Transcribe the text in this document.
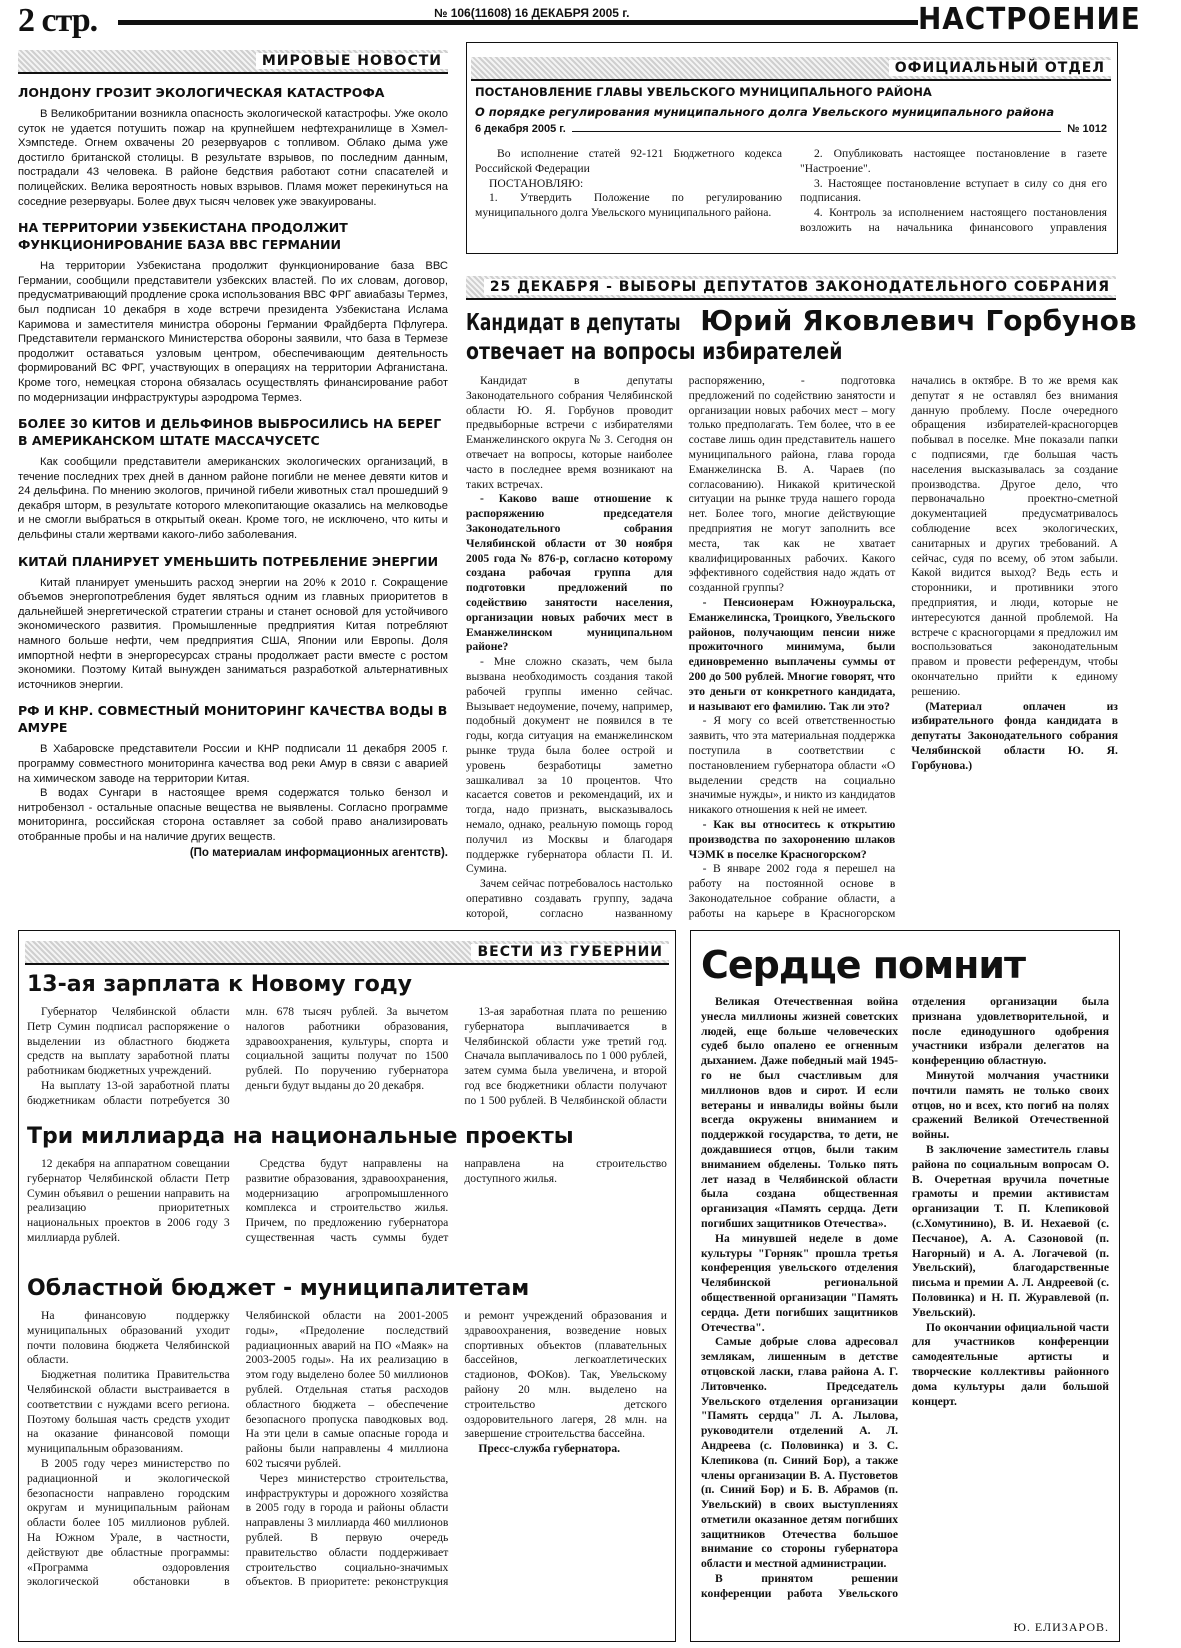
2 стр.	№ 106(11608) 16 ДЕКАБРЯ 2005 г.	НАСТРОЕНИЕ
МИРОВЫЕ НОВОСТИ
ЛОНДОНУ ГРОЗИТ ЭКОЛОГИЧЕСКАЯ КАТАСТРОФА

В Великобритании возникла опасность экологической катастрофы. Уже около суток не удается потушить пожар на крупнейшем нефтехранилище в Хэмел-Хэмпстеде. Огнем охвачены 20 резервуаров с топливом. Облако дыма уже достигло британской столицы. В результате взрывов, по последним данным, пострадали 43 человека. В районе бедствия работают сотни спасателей и полицейских. Велика вероятность новых взрывов. Пламя может перекинуться на соседние резервуары. Более двух тысяч человек уже эвакуированы.

НА ТЕРРИТОРИИ УЗБЕКИСТАНА ПРОДОЛЖИТ ФУНКЦИОНИРОВАНИЕ БАЗА ВВС ГЕРМАНИИ

На территории Узбекистана продолжит функционирование база ВВС Германии, сообщили представители узбекских властей. По их словам, договор, предусматривающий продление срока использования ВВС ФРГ авиабазы Термез, был подписан 10 декабря в ходе встречи президента Узбекистана Ислама Каримова и заместителя министра обороны Германии Фрайдберта Пфлугера. Представители германского Министерства обороны заявили, что база в Термезе продолжит оставаться узловым центром, обеспечивающим деятельность формирований ВС ФРГ, участвующих в операциях на территории Афганистана. Кроме того, немецкая сторона обязалась осуществлять финансирование работ по модернизации инфраструктуры аэродрома Термез.

БОЛЕЕ 30 КИТОВ И ДЕЛЬФИНОВ ВЫБРОСИЛИСЬ НА БЕРЕГ В АМЕРИКАНСКОМ ШТАТЕ МАССАЧУСЕТС

Как сообщили представители американских экологических организаций, в течение последних трех дней в данном районе погибли не менее девяти китов и 24 дельфина. По мнению экологов, причиной гибели животных стал прошедший 9 декабря шторм, в результате которого млекопитающие оказались на мелководье и не смогли выбраться в открытый океан. Кроме того, не исключено, что киты и дельфины стали жертвами какого-либо заболевания.

КИТАЙ ПЛАНИРУЕТ УМЕНЬШИТЬ ПОТРЕБЛЕНИЕ ЭНЕРГИИ

Китай планирует уменьшить расход энергии на 20% к 2010 г. Сокращение объемов энергопотребления будет являться одним из главных приоритетов в дальнейшей энергетической стратегии страны и станет основой для устойчивого экономического развития. Промышленные предприятия Китая потребляют намного больше нефти, чем предприятия США, Японии или Европы. Доля импортной нефти в энергоресурсах страны продолжает расти вместе с ростом экономики. Поэтому Китай вынужден заниматься разработкой альтернативных источников энергии.

РФ И КНР. СОВМЕСТНЫЙ МОНИТОРИНГ КАЧЕСТВА ВОДЫ В АМУРЕ

В Хабаровске представители России и КНР подписали 11 декабря 2005 г. программу совместного мониторинга качества вод реки Амур в связи с аварией на химическом заводе на территории Китая.

В водах Сунгари в настоящее время содержатся только бензол и нитробензол - остальные опасные вещества не выявлены. Согласно программе мониторинга, российская сторона оставляет за собой право анализировать отобранные пробы и на наличие других веществ.

(По материалам информационных агентств).
ОФИЦИАЛЬНЫЙ ОТДЕЛ
ПОСТАНОВЛЕНИЕ ГЛАВЫ УВЕЛЬСКОГО МУНИЦИПАЛЬНОГО РАЙОНА
О порядке регулирования муниципального долга Увельского муниципального района
6 декабря 2005 г.	№ 1012

Во исполнение статей 92-121 Бюджетного кодекса Российской Федерации

ПОСТАНОВЛЯЮ:

1. Утвердить Положение по регулированию муниципального долга Увельского муниципального района.

2. Опубликовать настоящее постановление в газете "Настроение".

3. Настоящее постановление вступает в силу со дня его подписания.

4. Контроль за исполнением настоящего постановления возложить на начальника финансового управления

25 ДЕКАБРЯ - ВЫБОРЫ ДЕПУТАТОВ ЗАКОНОДАТЕЛЬНОГО СОБРАНИЯ
Кандидат в депутаты Юрий Яковлевич Горбунов
отвечает на вопросы избирателей

Кандидат в депутаты Законодательного собрания Челябинской области Ю. Я. Горбунов проводит предвыборные встречи с избирателями Еманжелинского округа № 3. Сегодня он отвечает на вопросы, которые наиболее часто в последнее время возникают на таких встречах.

- Каково ваше отношение к распоряжению председателя Законодательного собрания Челябинской области от 30 ноября 2005 года № 876-р, согласно которому создана рабочая группа для подготовки предложений по содействию занятости населения, организации новых рабочих мест в Еманжелинском муниципальном районе?

- Мне сложно сказать, чем была вызвана необходимость создания такой рабочей группы именно сейчас. Вызывает недоумение, почему, например, подобный документ не появился в те годы, когда ситуация на еманжелинском рынке труда была более острой и уровень безработицы заметно зашкаливал за 10 процентов. Что касается советов и рекомендаций, их и тогда, надо признать, высказывалось немало, однако, реальную помощь город получил из Москвы и благодаря поддержке губернатора области П. И. Сумина.

Зачем сейчас потребовалось настолько оперативно создавать группу, задача которой, согласно названному распоряжению, - подготовка предложений по содействию занятости и организации новых рабочих мест – могу только предполагать. Тем более, что в ее составе лишь один представитель нашего муниципального района, глава города Еманжелинска В. А. Чараев (по согласованию). Никакой критической ситуации на рынке труда нашего города нет. Более того, многие действующие предприятия не могут заполнить все места, так как не хватает квалифицированных рабочих. Какого эффективного содействия надо ждать от созданной группы?

- Пенсионерам Южноуральска, Еманжелинска, Троицкого, Увельского районов, получающим пенсии ниже прожиточного минимума, были единовременно выплачены суммы от 200 до 500 рублей. Многие говорят, что это деньги от конкретного кандидата, и называют его фамилию. Так ли это?

- Я могу со всей ответственностью заявить, что эта материальная поддержка поступила в соответствии с постановлением губернатора области «О выделении средств на социально значимые нужды», и никто из кандидатов никакого отношения к ней не имеет.

- Как вы относитесь к открытию производства по захоронению шлаков ЧЭМК в поселке Красногорском?

- В январе 2002 года я перешел на работу на постоянной основе в Законодательное собрание области, а работы на карьере в Красногорском начались в октябре. В то же время как депутат я не оставлял без внимания данную проблему. После очередного обращения избирателей-красногорцев побывал в поселке. Мне показали папки с подписями, где большая часть населения высказывалась за создание производства. Другое дело, что первоначально проектно-сметной документацией предусматривалось соблюдение всех экологических, санитарных и других требований. А сейчас, судя по всему, об этом забыли. Какой видится выход? Ведь есть и сторонники, и противники этого предприятия, и люди, которые не интересуются данной проблемой. На встрече с красногорцами я предложил им воспользоваться законодательным правом и провести референдум, чтобы окончательно прийти к единому решению.

(Материал оплачен из избирательного фонда кандидата в депутаты Законодательного собрания Челябинской области Ю. Я. Горбунова.)

ВЕСТИ ИЗ ГУБЕРНИИ
13-ая зарплата к Новому году

Губернатор Челябинской области Петр Сумин подписал распоряжение о выделении из областного бюджета средств на выплату заработной платы работникам бюджетных учреждений.

На выплату 13-ой заработной платы бюджетникам области потребуется 30 млн. 678 тысяч рублей. За вычетом налогов работники образования, здравоохранения, культуры, спорта и социальной защиты получат по 1500 рублей. По поручению губернатора деньги будут выданы до 20 декабря.

13-ая заработная плата по решению губернатора выплачивается в Челябинской области уже третий год. Сначала выплачивалось по 1 000 рублей, затем сумма была увеличена, и второй год все бюджетники области получают по 1 500 рублей. В Челябинской области

Три миллиарда на национальные проекты

12 декабря на аппаратном совещании губернатор Челябинской области Петр Сумин объявил о решении направить на реализацию приоритетных национальных проектов в 2006 году 3 миллиарда рублей.

Средства будут направлены на развитие образования, здравоохранения, модернизацию агропромышленного комплекса и строительство жилья. Причем, по предложению губернатора существенная часть суммы будет направлена на строительство доступного жилья.

Областной бюджет - муниципалитетам

На финансовую поддержку муниципальных образований уходит почти половина бюджета Челябинской области.

Бюджетная политика Правительства Челябинской области выстраивается в соответствии с нуждами всего региона. Поэтому большая часть средств уходит на оказание финансовой помощи муниципальным образованиям.

В 2005 году через министерство по радиационной и экологической безопасности направлено городским округам и муниципальным районам области более 105 миллионов рублей. На Южном Урале, в частности, действуют две областные программы: «Программа оздоровления экологической обстановки в Челябинской области на 2001-2005 годы», «Предоление последствий радиационных аварий на ПО «Маяк» на 2003-2005 годы». На их реализацию в этом году выделено более 50 миллионов рублей. Отдельная статья расходов областного бюджета – обеспечение безопасного пропуска паводковых вод. На эти цели в самые опасные города и районы были направлены 4 миллиона 602 тысячи рублей.

Через министерство строительства, инфраструктуры и дорожного хозяйства в 2005 году в города и районы области направлены 3 миллиарда 460 миллионов рублей. В первую очередь правительство области поддерживает строительство социально-значимых объектов. В приоритете: реконструкция и ремонт учреждений образования и здравоохранения, возведение новых спортивных объектов (плавательных бассейнов, легкоатлетических стадионов, ФОКов). Так, Увельскому району 20 млн. выделено на строительство детского оздоровительного лагеря, 28 млн. на завершение строительства бассейна.

Пресс-служба губернатора.

Сердце помнит

Великая Отечественная война унесла миллионы жизней советских людей, еще больше человеческих судеб было опалено ее огненным дыханием. Даже победный май 1945-го не был счастливым для миллионов вдов и сирот. И если ветераны и инвалиды войны были всегда окружены вниманием и поддержкой государства, то дети, не дождавшиеся отцов, были таким вниманием обделены. Только пять лет назад в Челябинской области была создана общественная организация «Память сердца. Дети погибших защитников Отечества».

На минувшей неделе в доме культуры "Горняк" прошла третья конференция увельского отделения Челябинской региональной общественной организации "Память сердца. Дети погибших защитников Отечества".

Самые добрые слова адресовал землякам, лишенным в детстве отцовской ласки, глава района А. Г. Литовченко. Председатель Увельского отделения организации "Память сердца" Л. А. Лылова, руководители отделений А. Л. Андреева (с. Половинка) и З. С. Клепикова (п. Синий Бор), а также члены организации В. А. Пустоветов (п. Синий Бор) и Б. В. Абрамов (п. Увельский) в своих выступлениях отметили оказанное детям погибших защитников Отечества большое внимание со стороны губернатора области и местной администрации.

В принятом решении конференции работа Увельского отделения организации была признана удовлетворительной, и после единодушного одобрения участники избрали делегатов на конференцию областную.

Минутой молчания участники почтили память не только своих отцов, но и всех, кто погиб на полях сражений Великой Отечественной войны.

В заключение заместитель главы района по социальным вопросам О. В. Очеретная вручила почетные грамоты и премии активистам организации Т. П. Клепиковой (с.Хомутинино), В. И. Нехаевой (с. Песчаное), А. А. Сазоновой (п. Нагорный) и А. А. Логачевой (п. Увельский), благодарственные письма и премии А. Л. Андреевой (с. Половинка) и Н. П. Журавлевой (п. Увельский).

По окончании официальной части для участников конференции самодеятельные артисты и творческие коллективы районного дома культуры дали большой концерт.

Ю. ЕЛИЗАРОВ.
